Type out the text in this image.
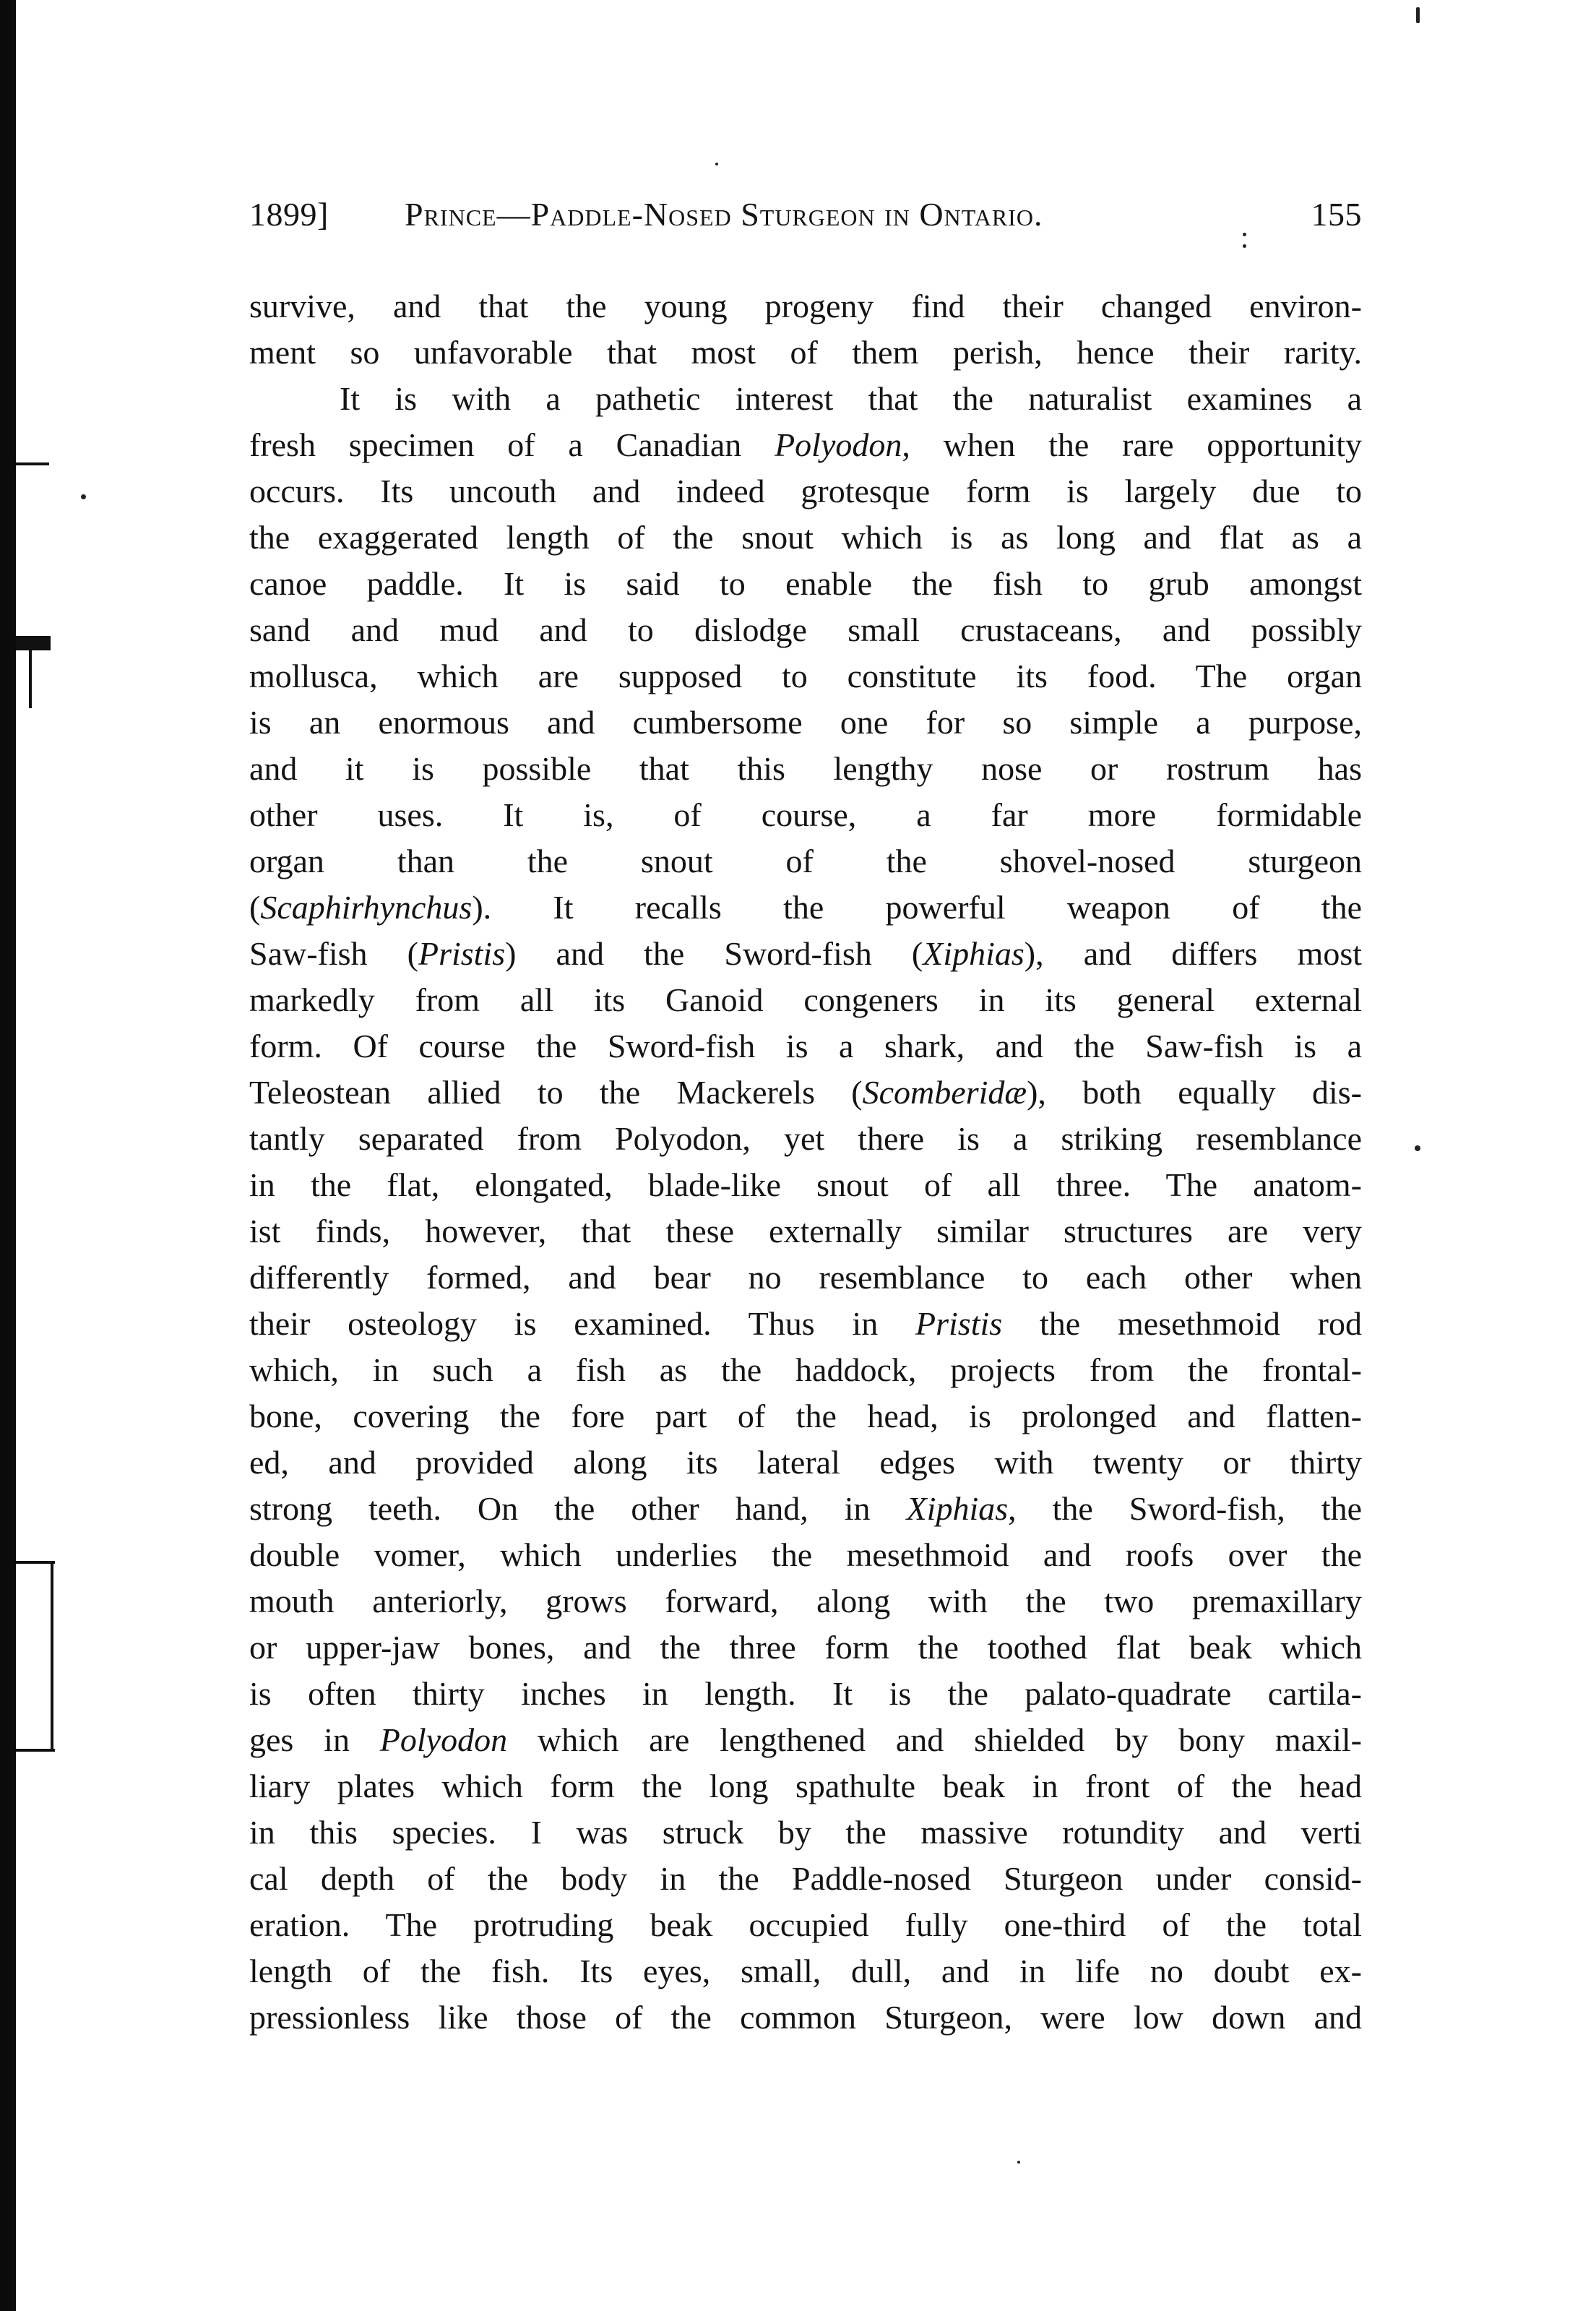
1899] Prince—Paddle-Nosed Sturgeon in Ontario.	155
survive, and that the young progeny find their changed environ-
ment so unfavorable that most of them perish, hence their rarity.
It is with a pathetic interest that the naturalist examines a
fresh specimen of a Canadian Polyodon, when the rare opportunity
occurs. Its uncouth and indeed grotesque form is largely due to
the exaggerated length of the snout which is as long and flat as a
canoe paddle. It is said to enable the fish to grub amongst
sand and mud and to dislodge small crustaceans, and possibly
mollusca, which are supposed to constitute its food. The organ
is an enormous and cumbersome one for so simple a purpose,
and it is possible that this lengthy nose or rostrum has
other uses. It is, of course, a far more formidable
organ than the snout of the shovel-nosed sturgeon
(Scaphirhynchus). It recalls the powerful weapon of the
Saw-fish (Pristis) and the Sword-fish (Xiphias), and differs most
markedly from all its Ganoid congeners in its general external
form. Of course the Sword-fish is a shark, and the Saw-fish is a
Teleostean allied to the Mackerels (Scomberidæ), both equally dis-
tantly separated from Polyodon, yet there is a striking resemblance
in the flat, elongated, blade-like snout of all three. The anatom-
ist finds, however, that these externally similar structures are very
differently formed, and bear no resemblance to each other when
their osteology is examined. Thus in Pristis the mesethmoid rod
which, in such a fish as the haddock, projects from the frontal-
bone, covering the fore part of the head, is prolonged and flatten-
ed, and provided along its lateral edges with twenty or thirty
strong teeth. On the other hand, in Xiphias, the Sword-fish, the
double vomer, which underlies the mesethmoid and roofs over the
mouth anteriorly, grows forward, along with the two premaxillary
or upper-jaw bones, and the three form the toothed flat beak which
is often thirty inches in length. It is the palato-quadrate cartila-
ges in Polyodon which are lengthened and shielded by bony maxil-
liary plates which form the long spathulte beak in front of the head
in this species. I was struck by the massive rotundity and verti
cal depth of the body in the Paddle-nosed Sturgeon under consid-
eration. The protruding beak occupied fully one-third of the total
length of the fish. Its eyes, small, dull, and in life no doubt ex-
pressionless like those of the common Sturgeon, were low down and
